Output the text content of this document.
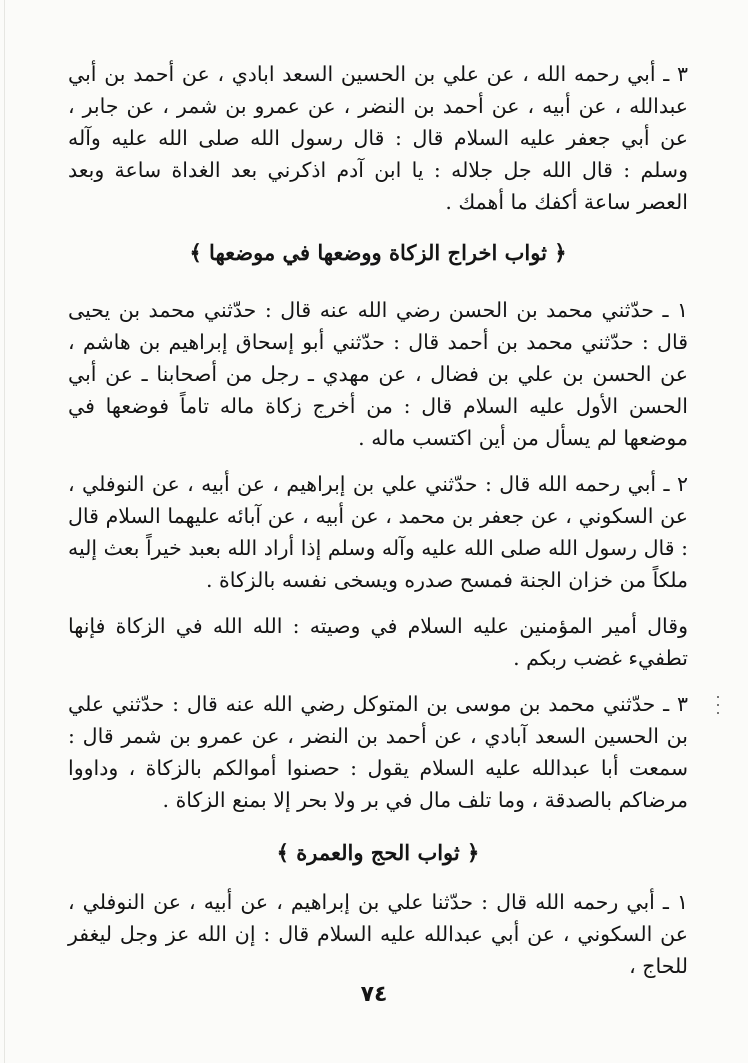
٣ ـ أبي رحمه الله ، عن علي بن الحسين السعد ابادي ، عن أحمد بن أبي عبدالله ، عن أبيه ، عن أحمد بن النضر ، عن عمرو بن شمر ، عن جابر ، عن أبي جعفر عليه السلام قال : قال رسول الله صلى الله عليه وآله وسلم : قال الله جل جلاله : يا ابن آدم اذكرني بعد الغداة ساعة وبعد العصر ساعة أكفك ما أهمك .

﴿ ثواب اخراج الزكاة ووضعها في موضعها ﴾

١ ـ حدّثني محمد بن الحسن رضي الله عنه قال : حدّثني محمد بن يحيى قال : حدّثني محمد بن أحمد قال : حدّثني أبو إسحاق إبراهيم بن هاشم ، عن الحسن بن علي بن فضال ، عن مهدي ـ رجل من أصحابنا ـ عن أبي الحسن الأول عليه السلام قال : من أخرج زكاة ماله تاماً فوضعها في موضعها لم يسأل من أين اكتسب ماله .

٢ ـ أبي رحمه الله قال : حدّثني علي بن إبراهيم ، عن أبيه ، عن النوفلي ، عن السكوني ، عن جعفر بن محمد ، عن أبيه ، عن آبائه عليهما السلام قال : قال رسول الله صلى الله عليه وآله وسلم إذا أراد الله بعبد خيراً بعث إليه ملكاً من خزان الجنة فمسح صدره ويسخى نفسه بالزكاة .

وقال أمير المؤمنين عليه السلام في وصيته : الله الله في الزكاة فإنها تطفيء غضب ربكم .

٣ ـ حدّثني محمد بن موسى بن المتوكل رضي الله عنه قال : حدّثني علي بن الحسين السعد آبادي ، عن أحمد بن النضر ، عن عمرو بن شمر قال : سمعت أبا عبدالله عليه السلام يقول : حصنوا أموالكم بالزكاة ، وداووا مرضاكم بالصدقة ، وما تلف مال في بر ولا بحر إلا بمنع الزكاة .

﴿ ثواب الحج والعمرة ﴾

١ ـ أبي رحمه الله قال : حدّثنا علي بن إبراهيم ، عن أبيه ، عن النوفلي ، عن السكوني ، عن أبي عبدالله عليه السلام قال : إن الله عز وجل ليغفر للحاج ،

٧٤
